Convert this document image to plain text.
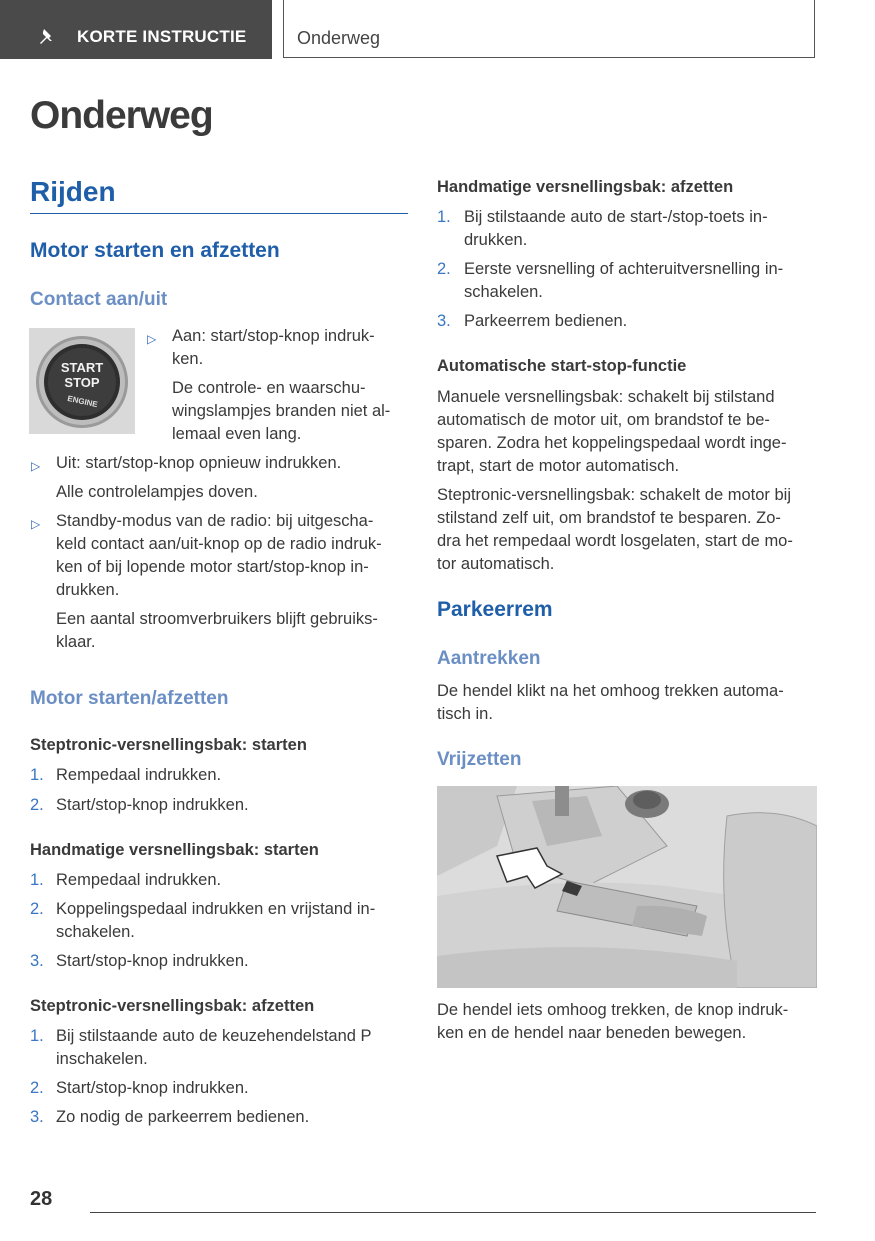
KORTE INSTRUCTIE	Onderweg
Onderweg
Rijden
Motor starten en afzetten
Contact aan/uit
START
STOP
ENGINE
▷ Aan: start/stop-knop indruk-
ken.
De controle- en waarschu-
wingslampjes branden niet al-
lemaal even lang.
▷ Uit: start/stop-knop opnieuw indrukken.
Alle controlelampjes doven.
▷ Standby-modus van de radio: bij uitgescha-
keld contact aan/uit-knop op de radio indruk-
ken of bij lopende motor start/stop-knop in-
drukken.
Een aantal stroomverbruikers blijft gebruiks-
klaar.
Motor starten/afzetten
Steptronic-versnellingsbak: starten
1. Rempedaal indrukken.
2. Start/stop-knop indrukken.
Handmatige versnellingsbak: starten
1. Rempedaal indrukken.
2. Koppelingspedaal indrukken en vrijstand in-
schakelen.
3. Start/stop-knop indrukken.
Steptronic-versnellingsbak: afzetten
1. Bij stilstaande auto de keuzehendelstand P
inschakelen.
2. Start/stop-knop indrukken.
3. Zo nodig de parkeerrem bedienen.
Handmatige versnellingsbak: afzetten
1. Bij stilstaande auto de start-/stop-toets in-
drukken.
2. Eerste versnelling of achteruitversnelling in-
schakelen.
3. Parkeerrem bedienen.
Automatische start-stop-functie
Manuele versnellingsbak: schakelt bij stilstand
automatisch de motor uit, om brandstof te be-
sparen. Zodra het koppelingspedaal wordt inge-
trapt, start de motor automatisch.
Steptronic-versnellingsbak: schakelt de motor bij
stilstand zelf uit, om brandstof te besparen. Zo-
dra het rempedaal wordt losgelaten, start de mo-
tor automatisch.
Parkeerrem
Aantrekken
De hendel klikt na het omhoog trekken automa-
tisch in.
Vrijzetten
De hendel iets omhoog trekken, de knop indruk-
ken en de hendel naar beneden bewegen.
28
